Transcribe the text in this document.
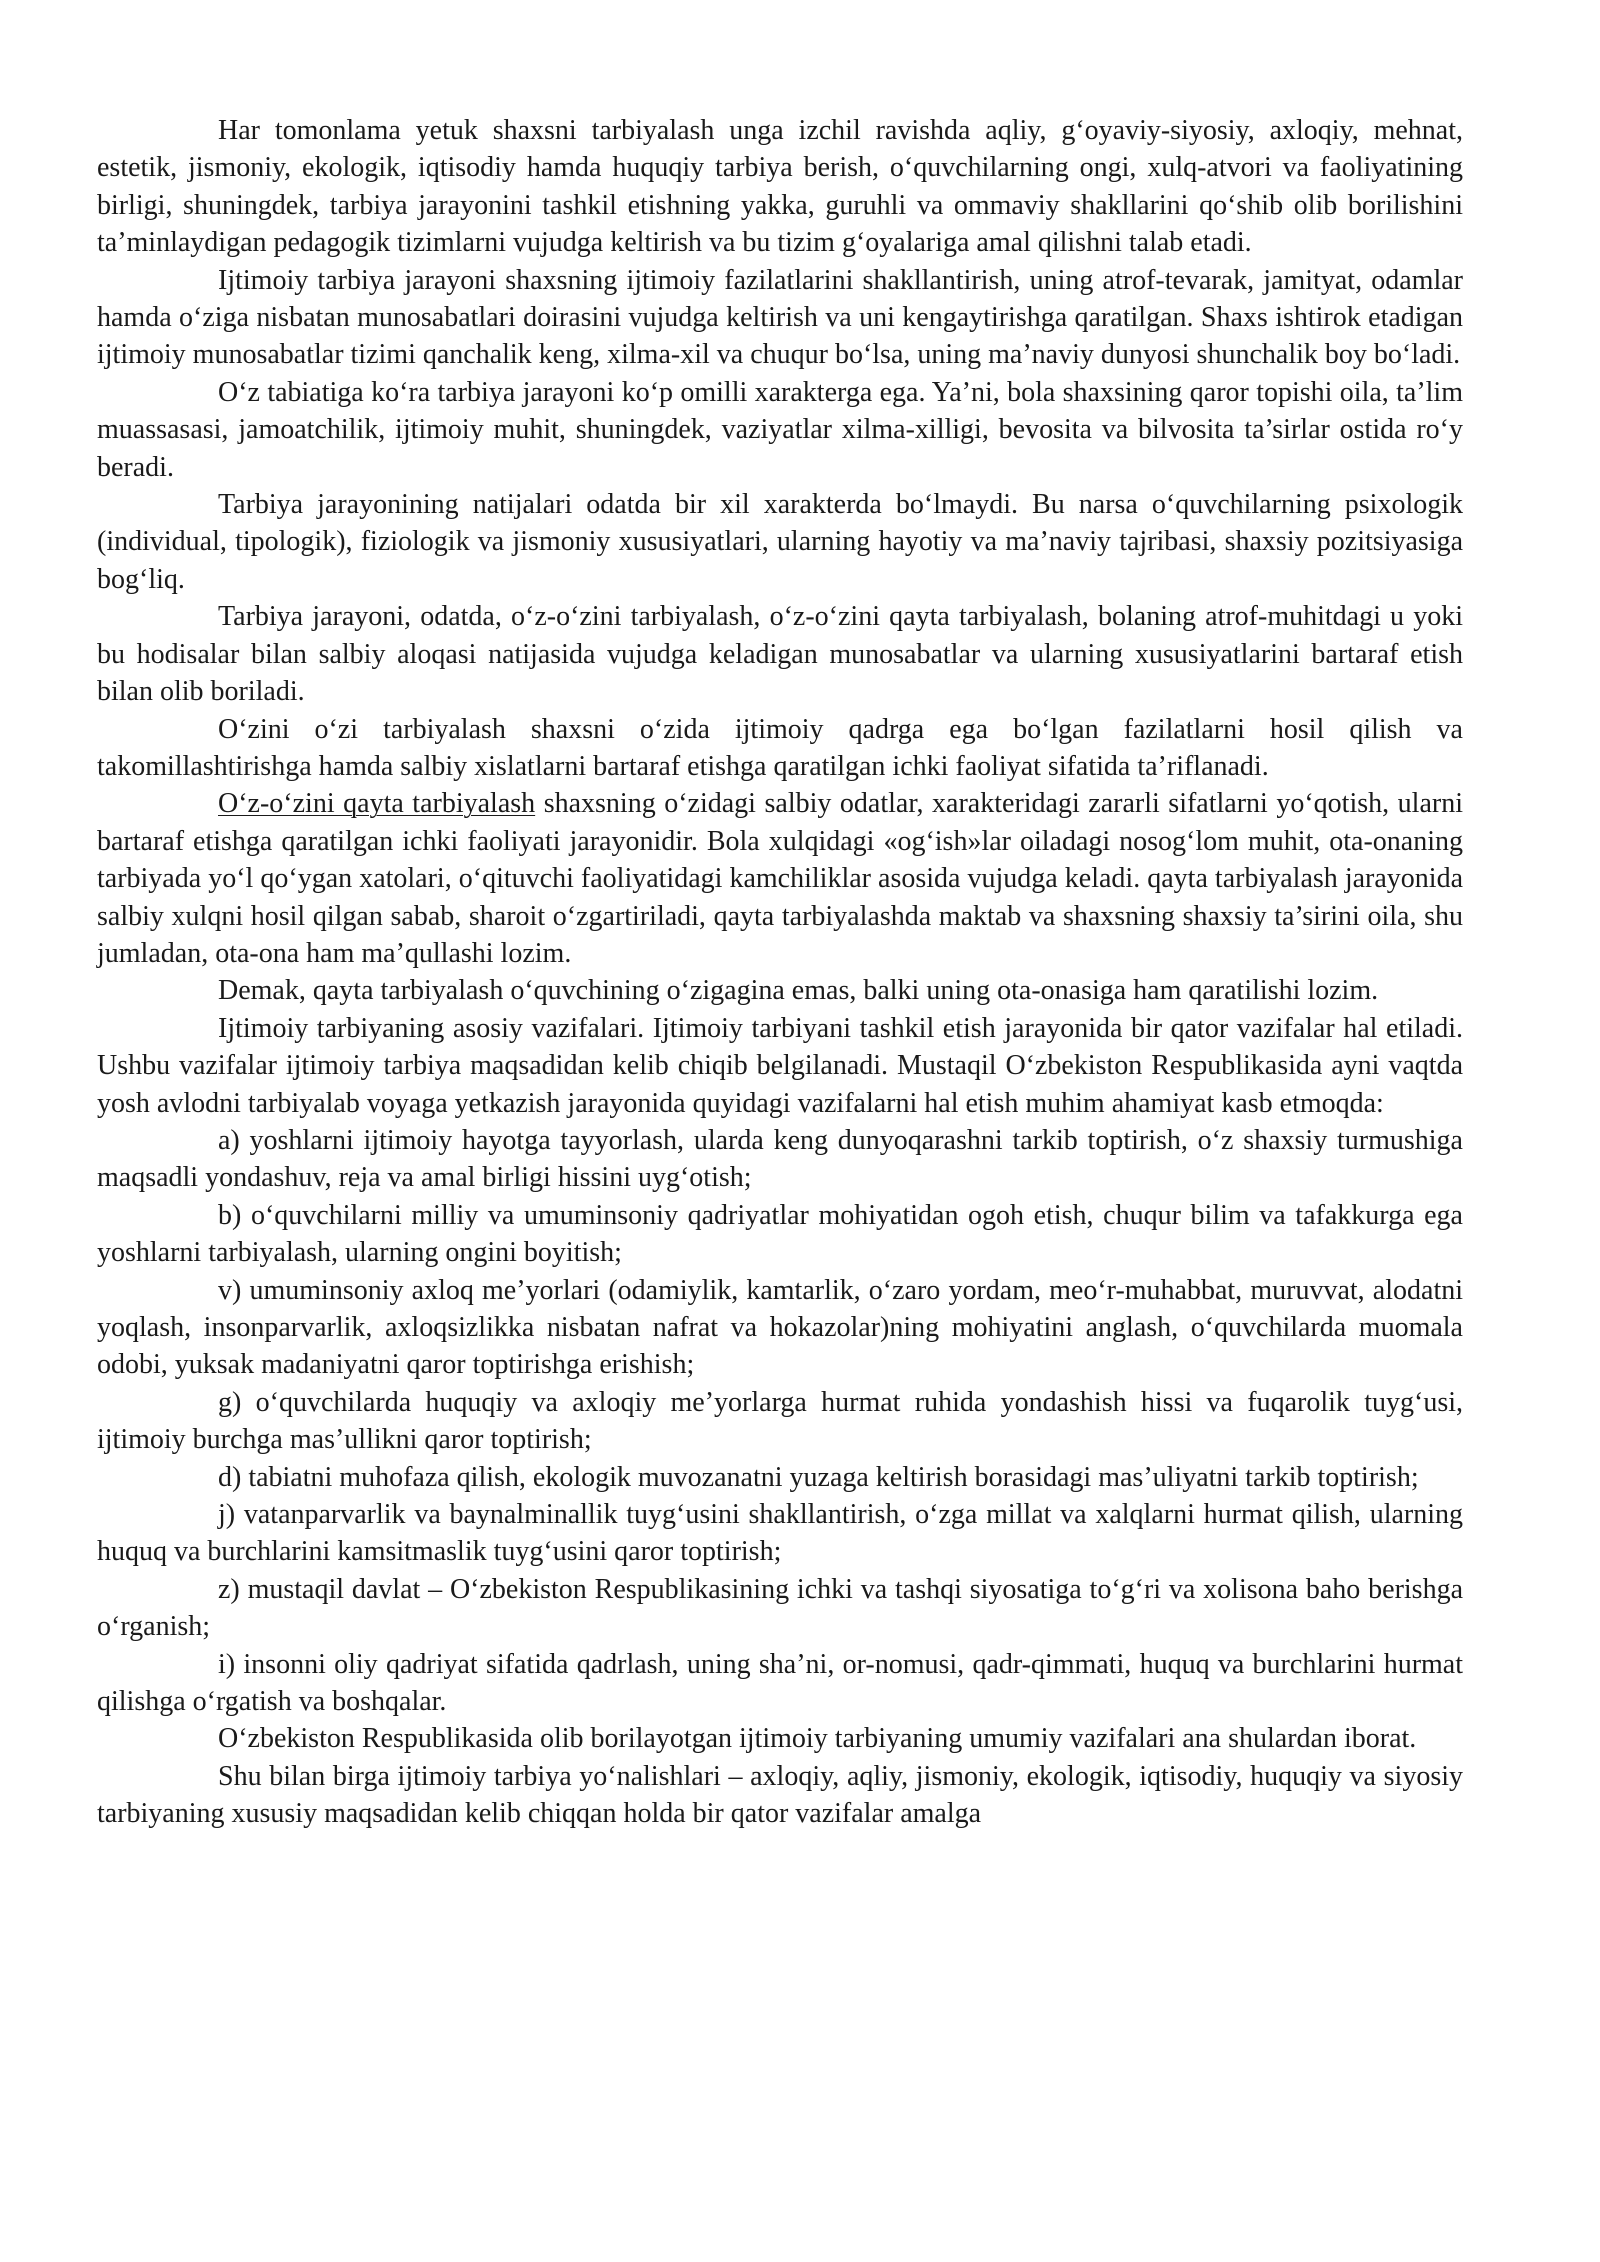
Har tomonlama yetuk shaxsni tarbiyalash unga izchil ravishda aqliy, g‘oyaviy-siyosiy, axloqiy, mehnat, estetik, jismoniy, ekologik, iqtisodiy hamda huquqiy tarbiya berish, o‘quvchilarning ongi, xulq-atvori va faoliyatining birligi, shuningdek, tarbiya jarayonini tashkil etishning yakka, guruhli va ommaviy shakllarini qo‘shib olib borilishini ta’minlaydigan pedagogik tizimlarni vujudga keltirish va bu tizim g‘oyalariga amal qilishni talab etadi.

Ijtimoiy tarbiya jarayoni shaxsning ijtimoiy fazilatlarini shakllantirish, uning atrof-tevarak, jamityat, odamlar hamda o‘ziga nisbatan munosabatlari doirasini vujudga keltirish va uni kengaytirishga qaratilgan. Shaxs ishtirok etadigan ijtimoiy munosabatlar tizimi qanchalik keng, xilma-xil va chuqur bo‘lsa, uning ma’naviy dunyosi shunchalik boy bo‘ladi.

O‘z tabiatiga ko‘ra tarbiya jarayoni ko‘p omilli xarakterga ega. Ya’ni, bola shaxsining qaror topishi oila, ta’lim muassasasi, jamoatchilik, ijtimoiy muhit, shuningdek, vaziyatlar xilma-xilligi, bevosita va bilvosita ta’sirlar ostida ro‘y beradi.

Tarbiya jarayonining natijalari odatda bir xil xarakterda bo‘lmaydi. Bu narsa o‘quvchilarning psixologik (individual, tipologik), fiziologik va jismoniy xususiyatlari, ularning hayotiy va ma’naviy tajribasi, shaxsiy pozitsiyasiga bog‘liq.

Tarbiya jarayoni, odatda, o‘z-o‘zini tarbiyalash, o‘z-o‘zini qayta tarbiyalash, bolaning atrof-muhitdagi u yoki bu hodisalar bilan salbiy aloqasi natijasida vujudga keladigan munosabatlar va ularning xususiyatlarini bartaraf etish bilan olib boriladi.

O‘zini o‘zi tarbiyalash shaxsni o‘zida ijtimoiy qadrga ega bo‘lgan fazilatlarni hosil qilish va takomillashtirishga hamda salbiy xislatlarni bartaraf etishga qaratilgan ichki faoliyat sifatida ta’riflanadi.

O‘z-o‘zini qayta tarbiyalash shaxsning o‘zidagi salbiy odatlar, xarakteridagi zararli sifatlarni yo‘qotish, ularni bartaraf etishga qaratilgan ichki faoliyati jarayonidir. Bola xulqidagi «og‘ish»lar oiladagi nosog‘lom muhit, ota-onaning tarbiyada yo‘l qo‘ygan xatolari, o‘qituvchi faoliyatidagi kamchiliklar asosida vujudga keladi. qayta tarbiyalash jarayonida salbiy xulqni hosil qilgan sabab, sharoit o‘zgartiriladi, qayta tarbiyalashda maktab va shaxsning shaxsiy ta’sirini oila, shu jumladan, ota-ona ham ma’qullashi lozim.

Demak, qayta tarbiyalash o‘quvchining o‘zigagina emas, balki uning ota-onasiga ham qaratilishi lozim.

Ijtimoiy tarbiyaning asosiy vazifalari. Ijtimoiy tarbiyani tashkil etish jarayonida bir qator vazifalar hal etiladi. Ushbu vazifalar ijtimoiy tarbiya maqsadidan kelib chiqib belgilanadi. Mustaqil O‘zbekiston Respublikasida ayni vaqtda yosh avlodni tarbiyalab voyaga yetkazish jarayonida quyidagi vazifalarni hal etish muhim ahamiyat kasb etmoqda:

a) yoshlarni ijtimoiy hayotga tayyorlash, ularda keng dunyoqarashni tarkib toptirish, o‘z shaxsiy turmushiga maqsadli yondashuv, reja va amal birligi hissini uyg‘otish;

b) o‘quvchilarni milliy va umuminsoniy qadriyatlar mohiyatidan ogoh etish, chuqur bilim va tafakkurga ega yoshlarni tarbiyalash, ularning ongini boyitish;

v) umuminsoniy axloq me’yorlari (odamiylik, kamtarlik, o‘zaro yordam, meo‘r-muhabbat, muruvvat, alodatni yoqlash, insonparvarlik, axloqsizlikka nisbatan nafrat va hokazolar)ning mohiyatini anglash, o‘quvchilarda muomala odobi, yuksak madaniyatni qaror toptirishga erishish;

g) o‘quvchilarda huquqiy va axloqiy me’yorlarga hurmat ruhida yondashish hissi va fuqarolik tuyg‘usi, ijtimoiy burchga mas’ullikni qaror toptirish;

d) tabiatni muhofaza qilish, ekologik muvozanatni yuzaga keltirish borasidagi mas’uliyatni tarkib toptirish;

j) vatanparvarlik va baynalminallik tuyg‘usini shakllantirish, o‘zga millat va xalqlarni hurmat qilish, ularning huquq va burchlarini kamsitmaslik tuyg‘usini qaror toptirish;

z) mustaqil davlat – O‘zbekiston Respublikasining ichki va tashqi siyosatiga to‘g‘ri va xolisona baho berishga o‘rganish;

i) insonni oliy qadriyat sifatida qadrlash, uning sha’ni, or-nomusi, qadr-qimmati, huquq va burchlarini hurmat qilishga o‘rgatish va boshqalar.

O‘zbekiston Respublikasida olib borilayotgan ijtimoiy tarbiyaning umumiy vazifalari ana shulardan iborat.

Shu bilan birga ijtimoiy tarbiya yo‘nalishlari – axloqiy, aqliy, jismoniy, ekologik, iqtisodiy, huquqiy va siyosiy tarbiyaning xususiy maqsadidan kelib chiqqan holda bir qator vazifalar amalga
